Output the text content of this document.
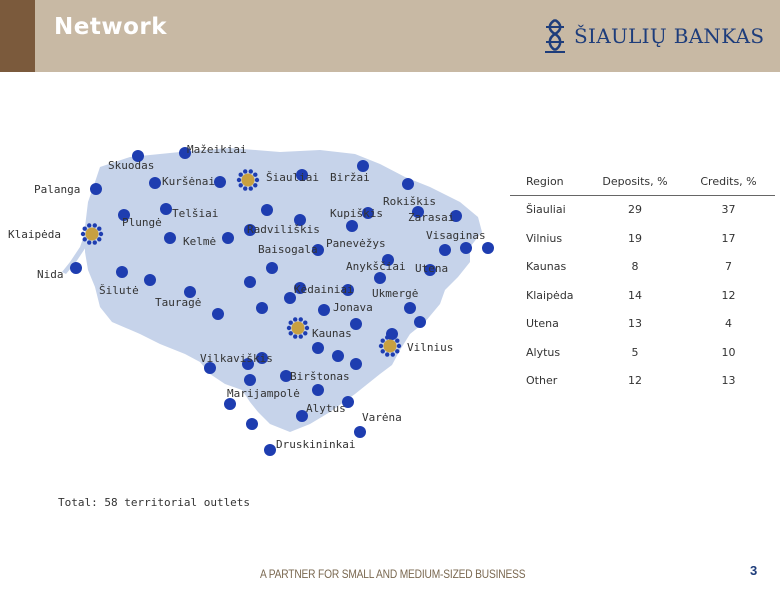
Network	ŠIAULIŲ BANKAS
Mažeikiai
Skuodas
Palanga
Kuršėnai	Šiauliai Biržai
Rokiškis
Telšiai
Plungė
Kupiškis Zarasai
Klaipėda	Radviliškis	Visaginas
Kelmė	Panevėžys
Baisogala
Anykščiai Utena
Nida
Kėdainiai
Šilutė	Ukmergė
Tauragė	Jonava
Kaunas
Vilnius
Vilkaviškis
Birštonas
Marijampolė
Alytus
Varėna
Druskininkai
Region	Deposits, %	Credits, %
Šiauliai	29	37
Vilnius	19	17
Kaunas	8	7
Klaipėda	14	12
Utena	13	4
Alytus	5	10
Other	12	13
Total: 58 territorial outlets
A PARTNER FOR SMALL AND MEDIUM-SIZED BUSINESS	3
